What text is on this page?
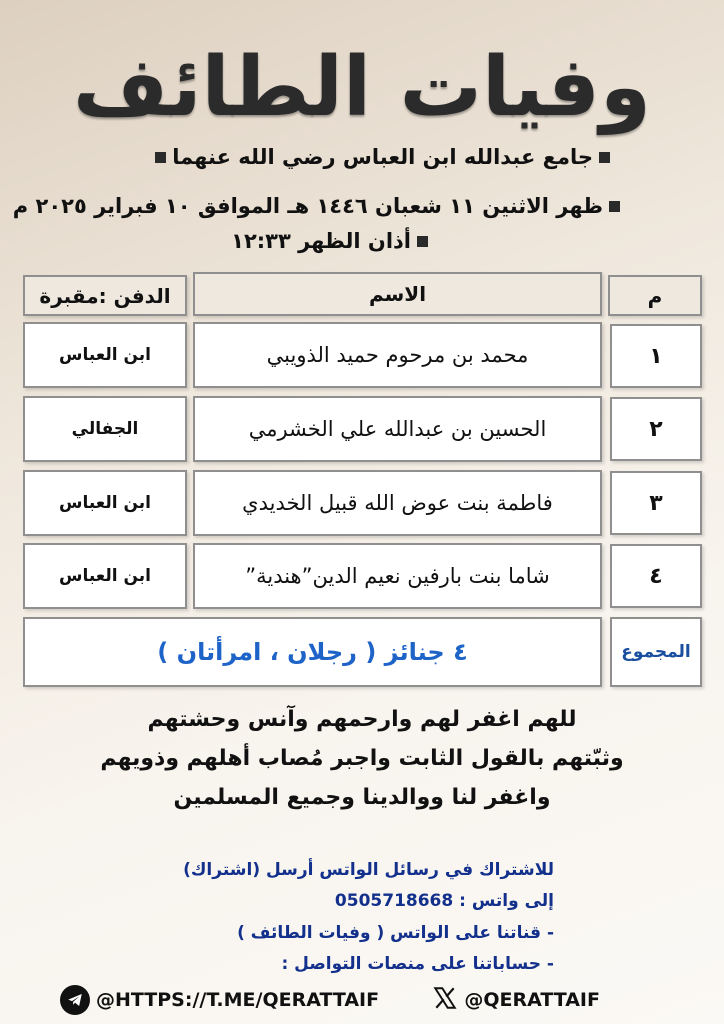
وفيات الطائف
جامع عبدالله ابن العباس رضي الله عنهما
ظهر الاثنين ١١ شعبان ١٤٤٦ هـ الموافق ١٠ فبراير ٢٠٢٥ م
أذان الظهر ١٢:٣٣
م
الاسم
الدفن :مقبرة
١
محمد بن مرحوم حميد الذويبي
ابن العباس
٢
الحسين بن عبدالله علي الخشرمي
الجفالي
٣
فاطمة بنت عوض الله قبيل الخديدي
ابن العباس
٤
شاما بنت بارفين نعيم الدين”هندية”
ابن العباس
المجموع
٤ جنائز ( رجلان ، امرأتان )
للهم اغفر لهم وارحمهم وآنس وحشتهم
وثبّتهم بالقول الثابت واجبر مُصاب أهلهم وذويهم
واغفر لنا ووالدينا وجميع المسلمين
للاشتراك في رسائل الواتس أرسل (اشتراك)
إلى واتس : 0505718668
- قناتنا على الواتس ( وفيات الطائف )
- حساباتنا على منصات التواصل :
@HTTPS://T.ME/QERATTAIF	@QERATTAIF
